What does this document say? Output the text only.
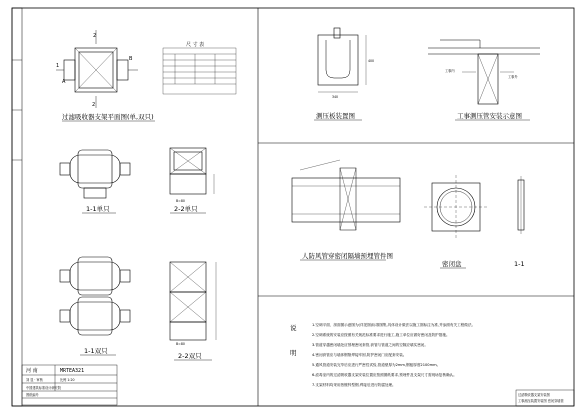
2
1
2
A
B
过滤吸收器支架平面图(单,双只)
尺 寸 表
1-1单只
B=80
2-2单只
1-1双只
B=80
2-2双只
河 南	MRTEA321
刘 显 · 审核	比例 1:20
中国建筑标准设计研究院
图纸编号
400
340
测压板装置图
工事内
工事外
工事测压管安装示意图
人防风管穿密闭隔墙预埋管件图
密闭盘	1-1
说
明
1.空调平面、剖面图示意图为(详见图)标准图集,具体设计做法以施工图标注为准,并参照有关工程做法。
2.空调系统的安装应按照有关规范标准要求进行施工,施工单位应做好密闭及防护措施。
3.管道穿越密闭墙处应预埋密闭套管,套管与管道之间的空隙应填实密闭。
4.密闭套管应与墙体钢筋焊接牢固,防护密闭门应配套安装。
5.通风管道安装完毕后应进行严密性试验,管道壁厚为2mm,钢板厚度2100mm。
6.滤毒室内的过滤吸收器支架安装位置应按照图纸要求,预埋件及支架尺寸需现场复核确认。
7.支架材料均采用热镀锌型钢,焊接后进行防腐处理。
过滤吸收器支架安装图
工事测压装置安装图 密闭穿墙管
